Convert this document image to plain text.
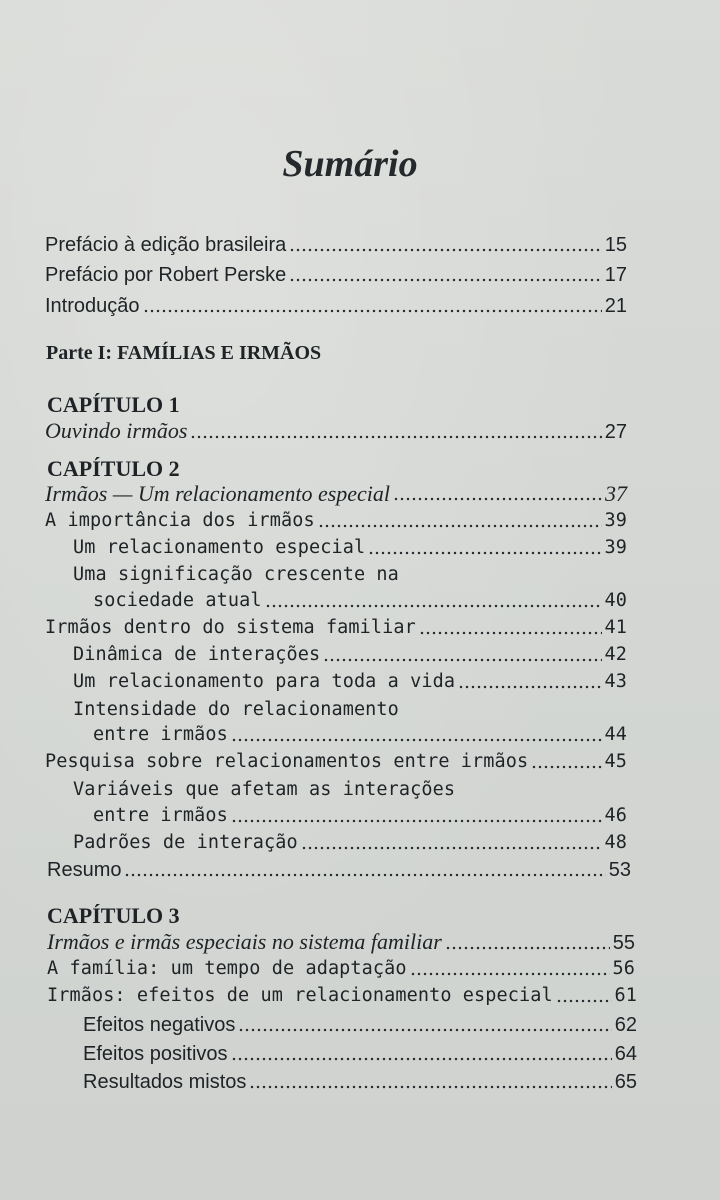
Sumário
Prefácio à edição brasileira	15
Prefácio por Robert Perske	17
Introdução	21
Parte I: FAMÍLIAS E IRMÃOS
CAPÍTULO 1
Ouvindo irmãos	27
CAPÍTULO 2
Irmãos — Um relacionamento especial	37
A importância dos irmãos	39
Um relacionamento especial	39
Uma significação crescente na
sociedade atual	40
Irmãos dentro do sistema familiar	41
Dinâmica de interações	42
Um relacionamento para toda a vida	43
Intensidade do relacionamento
entre irmãos	44
Pesquisa sobre relacionamentos entre irmãos	45
Variáveis que afetam as interações
entre irmãos	46
Padrões de interação	48
Resumo	53
CAPÍTULO 3
Irmãos e irmãs especiais no sistema familiar	55
A família: um tempo de adaptação	56
Irmãos: efeitos de um relacionamento especial	61
Efeitos negativos	62
Efeitos positivos	64
Resultados mistos	65
